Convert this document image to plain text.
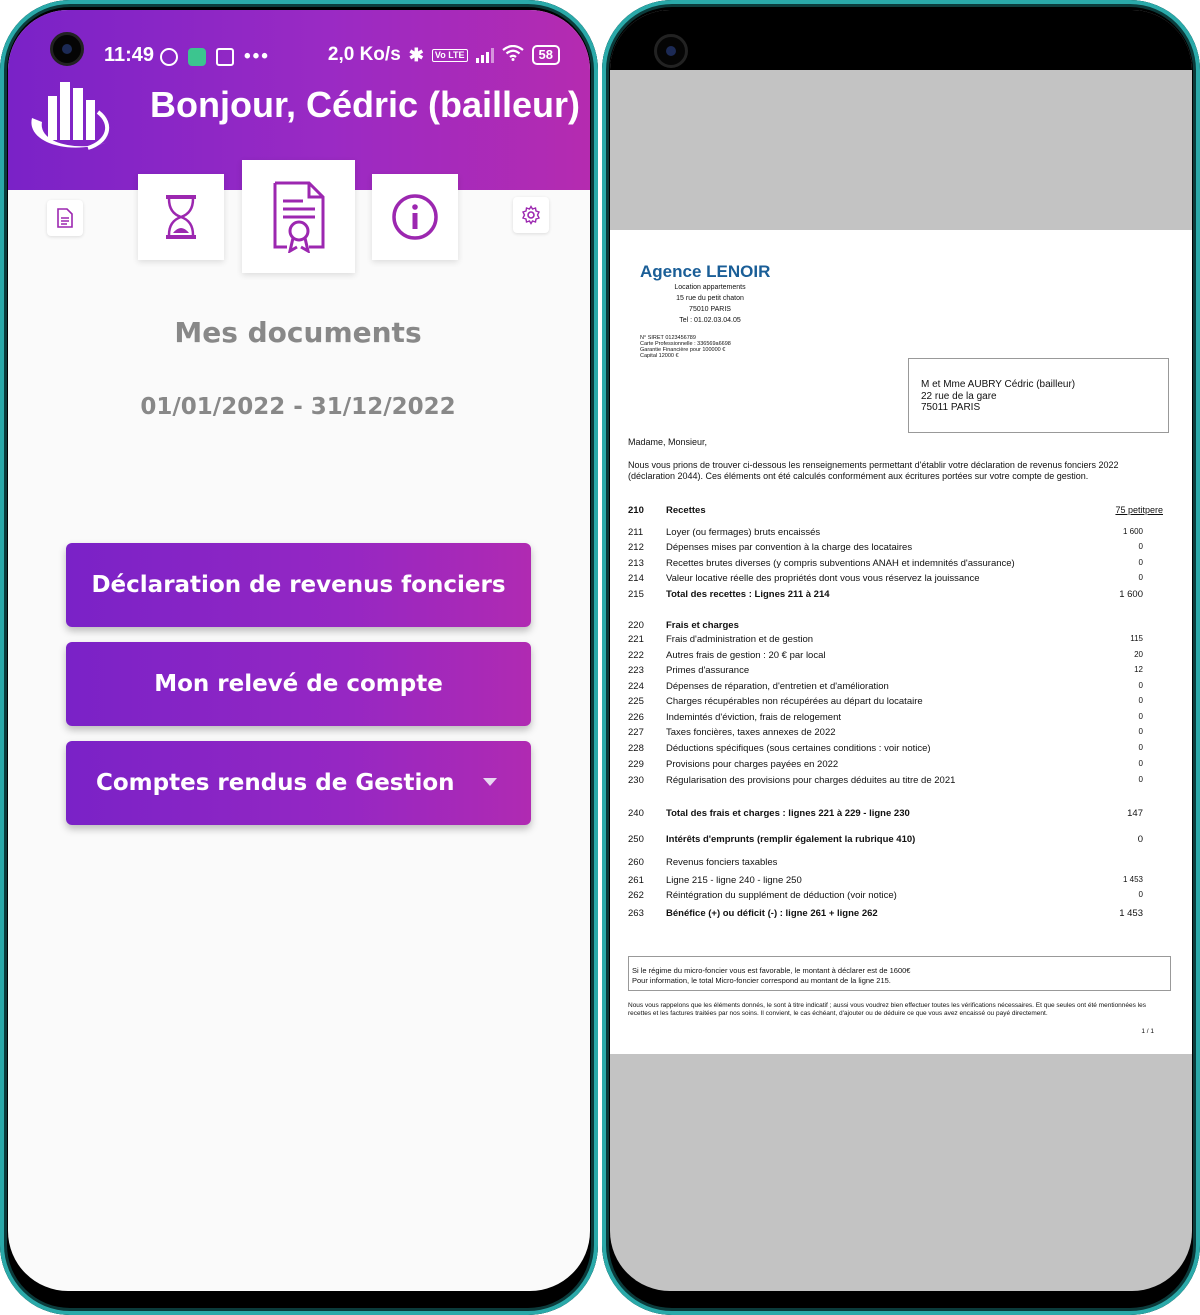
11:49	•••	2,0 Ko/s ✱	Vo LTE	58
Bonjour, Cédric (bailleur)
Mes documents
01/01/2022 - 31/12/2022
Déclaration de revenus fonciers
Mon relevé de compte
Comptes rendus de Gestion
Agence LENOIR
Location appartements
15 rue du petit chaton
75010 PARIS
Tel : 01.02.03.04.05
N° SIRET 0123456789
Carte Professionnelle : 336569a6698
Garantie Financière pour 100000 €
Capital 12000 €
M et Mme AUBRY Cédric (bailleur)
22 rue de la gare
75011 PARIS
Madame, Monsieur,
Nous vous prions de trouver ci-dessous les renseignements permettant d'établir votre déclaration de revenus fonciers 2022 (déclaration 2044). Ces éléments ont été calculés conformément aux écritures portées sur votre compte de gestion.
210 Recettes	75 petitpere
211 Loyer (ou fermages) bruts encaissés	1 600
212 Dépenses mises par convention à la charge des locataires	0
213 Recettes brutes diverses (y compris subventions ANAH et indemnités d'assurance)	0
214 Valeur locative réelle des propriétés dont vous vous réservez la jouissance	0
215 Total des recettes : Lignes 211 à 214	1 600
220 Frais et charges
221 Frais d'administration et de gestion	115
222 Autres frais de gestion : 20 € par local	20
223 Primes d'assurance	12
224 Dépenses de réparation, d'entretien et d'amélioration	0
225 Charges récupérables non récupérées au départ du locataire	0
226 Indemintés d'éviction, frais de relogement	0
227 Taxes foncières, taxes annexes de 2022	0
228 Déductions spécifiques (sous certaines conditions : voir notice)	0
229 Provisions pour charges payées en 2022	0
230 Régularisation des provisions pour charges déduites au titre de 2021	0
240 Total des frais et charges : lignes 221 à 229 - ligne 230	147
250 Intérêts d'emprunts (remplir également la rubrique 410)	0
260 Revenus fonciers taxables
261 Ligne 215 - ligne 240 - ligne 250	1 453
262 Réintégration du supplément de déduction (voir notice)	0
263 Bénéfice (+) ou déficit (-) : ligne 261 + ligne 262	1 453
Si le régime du micro-foncier vous est favorable, le montant à déclarer est de 1600€
Pour information, le total Micro-foncier correspond au montant de la ligne 215.
Nous vous rappelons que les éléments donnés, le sont à titre indicatif ; aussi vous voudrez bien effectuer toutes les vérifications nécessaires. Et que seules ont été mentionnées les recettes et les factures traitées par nos soins. Il convient, le cas échéant, d'ajouter ou de déduire ce que vous avez encaissé ou payé directement.
1 / 1
